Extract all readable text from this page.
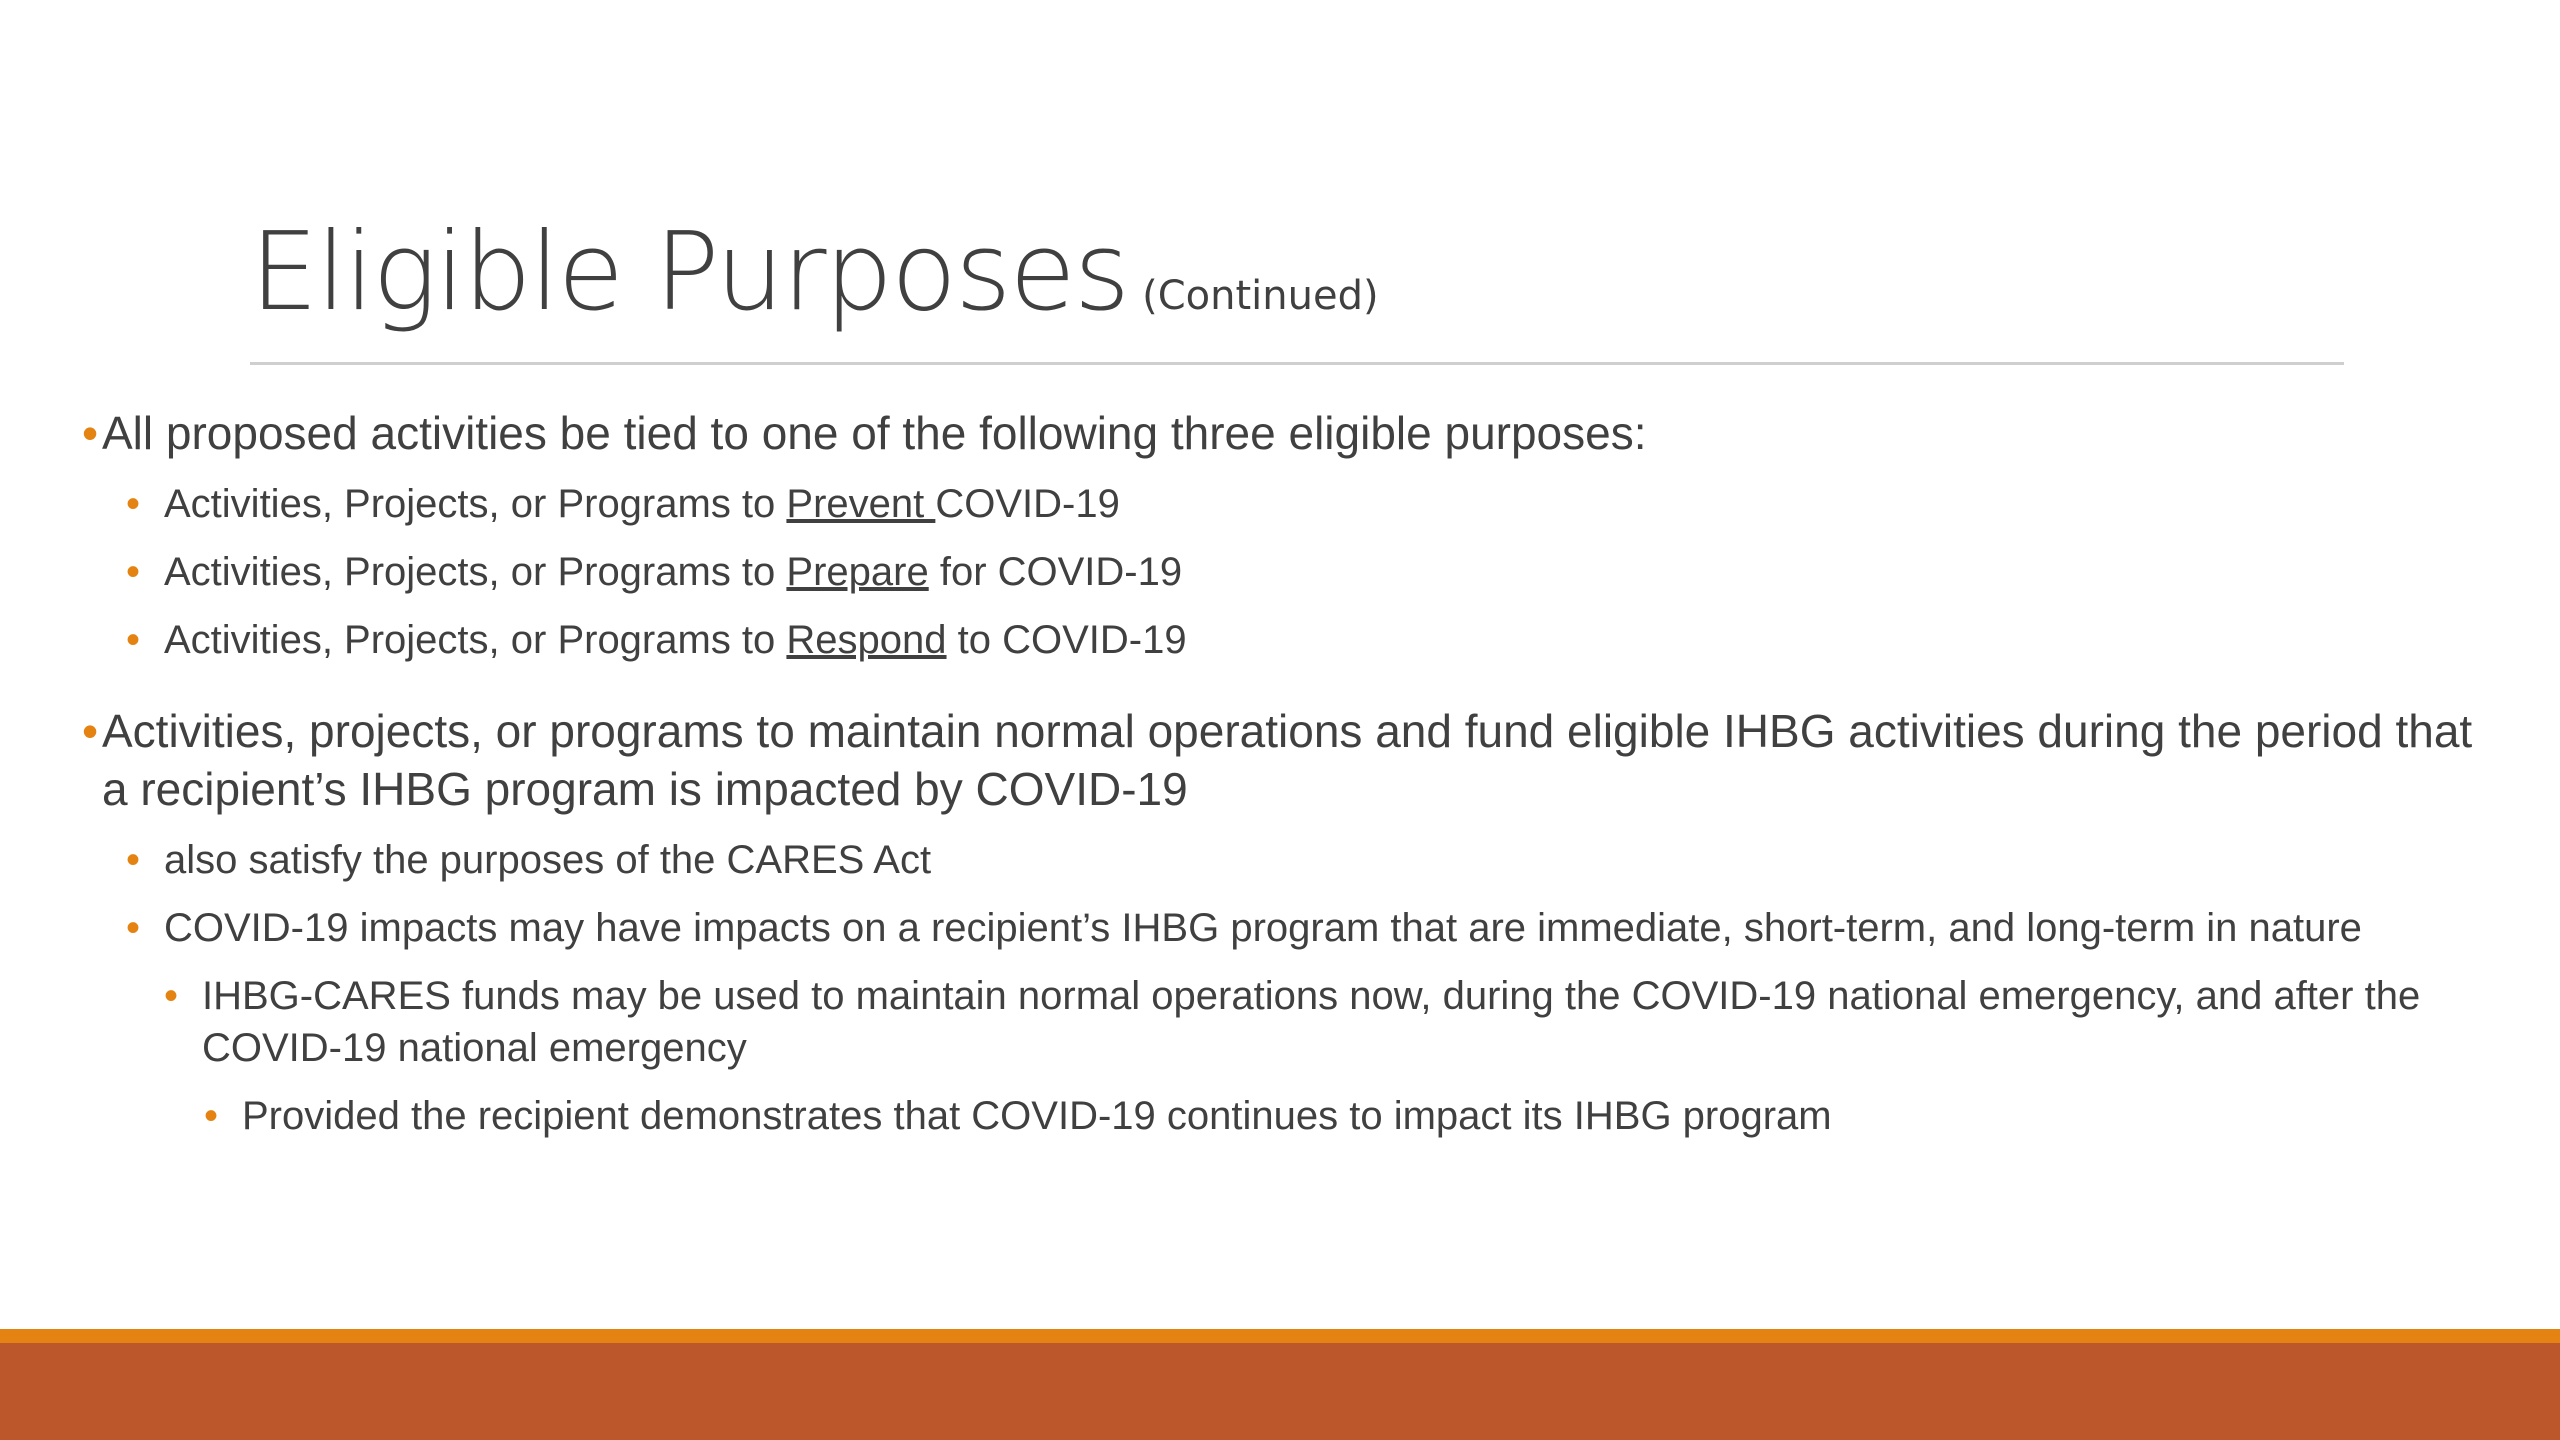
Eligible Purposes (Continued)
• All proposed activities be tied to one of the following three eligible purposes:
• Activities, Projects, or Programs to Prevent COVID-19
• Activities, Projects, or Programs to Prepare for COVID-19
• Activities, Projects, or Programs to Respond to COVID-19
• Activities, projects, or programs to maintain normal operations and fund eligible IHBG activities during the period that a recipient’s IHBG program is impacted by COVID-19
• also satisfy the purposes of the CARES Act
• COVID-19 impacts may have impacts on a recipient’s IHBG program that are immediate, short-term, and long-term in nature
• IHBG-CARES funds may be used to maintain normal operations now, during the COVID-19 national emergency, and after the COVID-19 national emergency
• Provided the recipient demonstrates that COVID-19 continues to impact its IHBG program
